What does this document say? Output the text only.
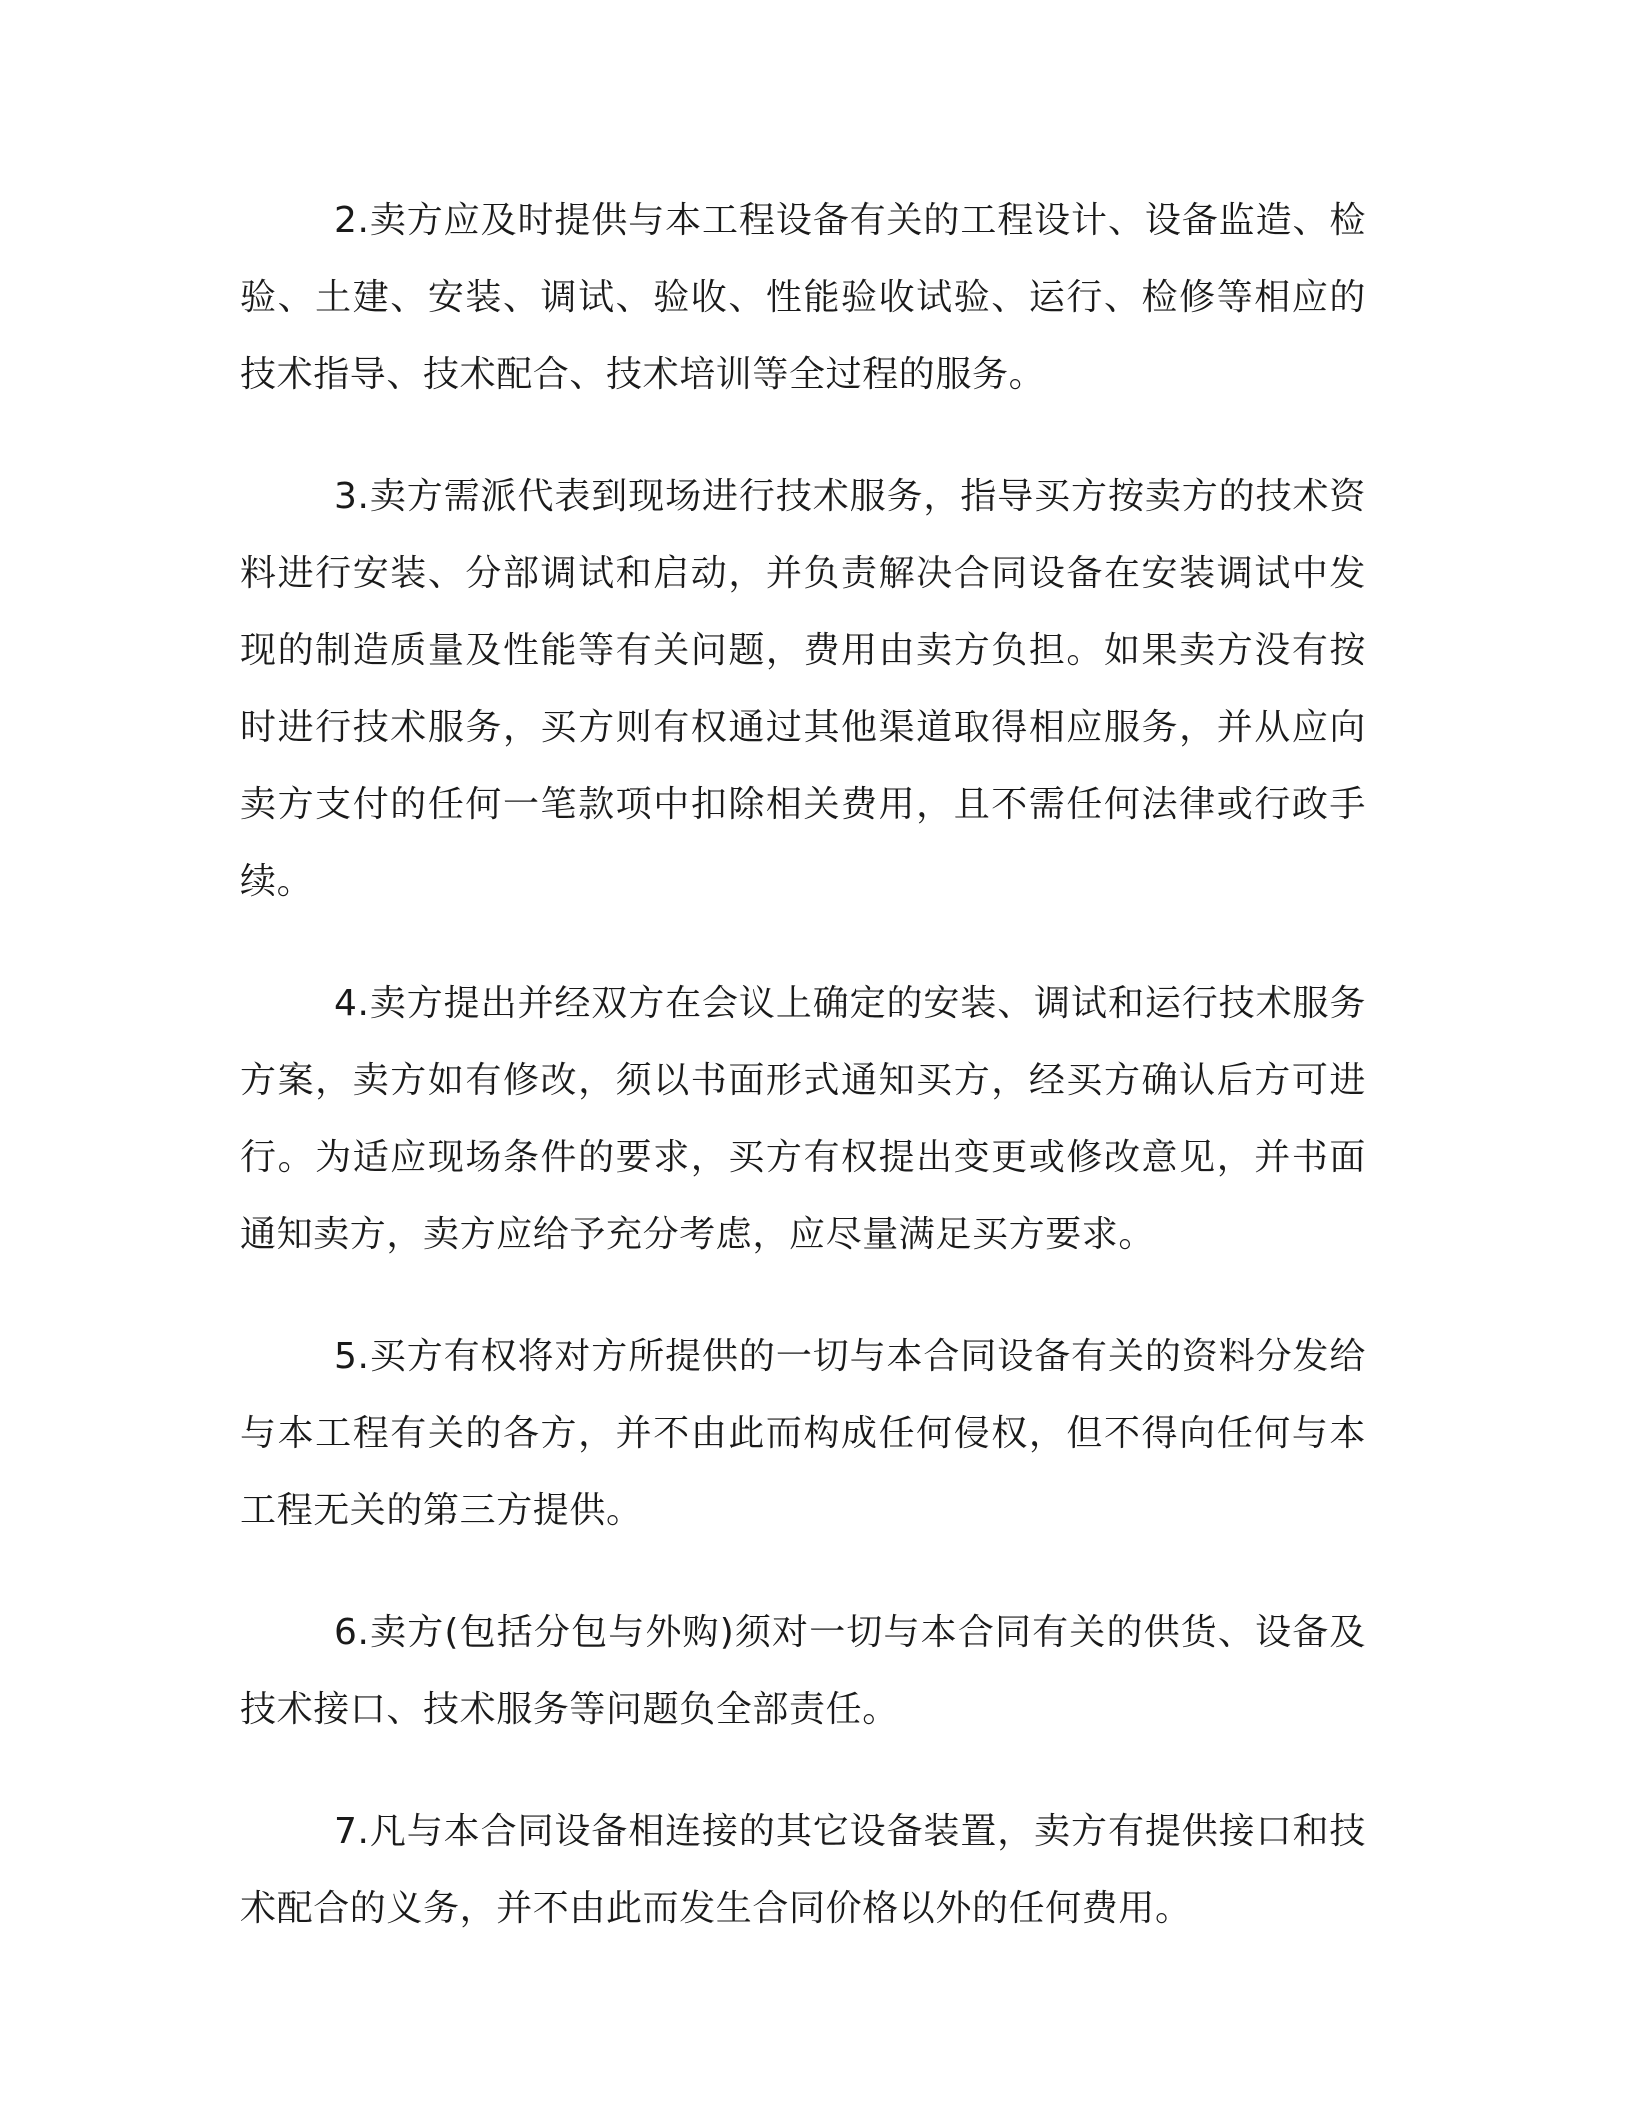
2.卖方应及时提供与本工程设备有关的工程设计、设备监造、检验、土建、安装、调试、验收、性能验收试验、运行、检修等相应的技术指导、技术配合、技术培训等全过程的服务。

3.卖方需派代表到现场进行技术服务，指导买方按卖方的技术资料进行安装、分部调试和启动，并负责解决合同设备在安装调试中发现的制造质量及性能等有关问题，费用由卖方负担。如果卖方没有按时进行技术服务，买方则有权通过其他渠道取得相应服务，并从应向卖方支付的任何一笔款项中扣除相关费用，且不需任何法律或行政手续。

4.卖方提出并经双方在会议上确定的安装、调试和运行技术服务方案，卖方如有修改，须以书面形式通知买方，经买方确认后方可进行。为适应现场条件的要求，买方有权提出变更或修改意见，并书面通知卖方，卖方应给予充分考虑，应尽量满足买方要求。

5.买方有权将对方所提供的一切与本合同设备有关的资料分发给与本工程有关的各方，并不由此而构成任何侵权，但不得向任何与本工程无关的第三方提供。

6.卖方(包括分包与外购)须对一切与本合同有关的供货、设备及技术接口、技术服务等问题负全部责任。

7.凡与本合同设备相连接的其它设备装置，卖方有提供接口和技术配合的义务，并不由此而发生合同价格以外的任何费用。
